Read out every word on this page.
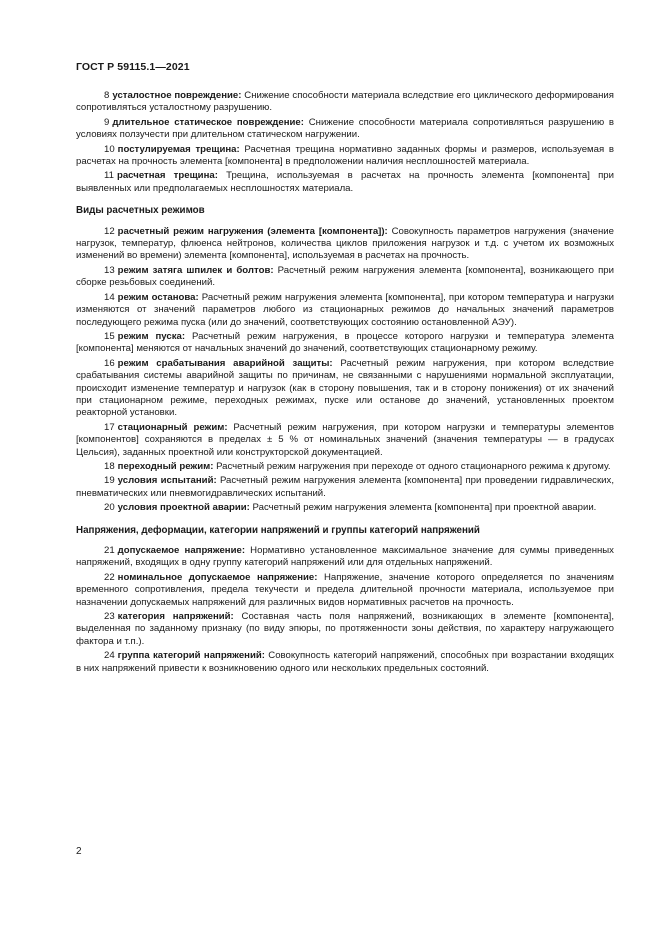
ГОСТ Р 59115.1—2021

8 усталостное повреждение: Снижение способности материала вследствие его циклического деформирования сопротивляться усталостному разрушению.

9 длительное статическое повреждение: Снижение способности материала сопротивляться разрушению в условиях ползучести при длительном статическом нагружении.

10 постулируемая трещина: Расчетная трещина нормативно заданных формы и размеров, используемая в расчетах на прочность элемента [компонента] в предположении наличия несплошностей материала.

11 расчетная трещина: Трещина, используемая в расчетах на прочность элемента [компонента] при выявленных или предполагаемых несплошностях материала.

Виды расчетных режимов

12 расчетный режим нагружения (элемента [компонента]): Совокупность параметров нагружения (значение нагрузок, температур, флюенса нейтронов, количества циклов приложения нагрузок и т.д. с учетом их возможных изменений во времени) элемента [компонента], используемая в расчетах на прочность.

13 режим затяга шпилек и болтов: Расчетный режим нагружения элемента [компонента], возникающего при сборке резьбовых соединений.

14 режим останова: Расчетный режим нагружения элемента [компонента], при котором температура и нагрузки изменяются от значений параметров любого из стационарных режимов до начальных значений параметров последующего режима пуска (или до значений, соответствующих состоянию остановленной АЭУ).

15 режим пуска: Расчетный режим нагружения, в процессе которого нагрузки и температура элемента [компонента] меняются от начальных значений до значений, соответствующих стационарному режиму.

16 режим срабатывания аварийной защиты: Расчетный режим нагружения, при котором вследствие срабатывания системы аварийной защиты по причинам, не связанными с нарушениями нормальной эксплуатации, происходит изменение температур и нагрузок (как в сторону повышения, так и в сторону понижения) от их значений при стационарном режиме, переходных режимах, пуске или останове до значений, установленных проектом реакторной установки.

17 стационарный режим: Расчетный режим нагружения, при котором нагрузки и температуры элементов [компонентов] сохраняются в пределах ± 5 % от номинальных значений (значения температуры — в градусах Цельсия), заданных проектной или конструкторской документацией.

18 переходный режим: Расчетный режим нагружения при переходе от одного стационарного режима к другому.

19 условия испытаний: Расчетный режим нагружения элемента [компонента] при проведении гидравлических, пневматических или пневмогидравлических испытаний.

20 условия проектной аварии: Расчетный режим нагружения элемента [компонента] при проектной аварии.

Напряжения, деформации, категории напряжений и группы категорий напряжений

21 допускаемое напряжение: Нормативно установленное максимальное значение для суммы приведенных напряжений, входящих в одну группу категорий напряжений или для отдельных напряжений.

22 номинальное допускаемое напряжение: Напряжение, значение которого определяется по значениям временного сопротивления, предела текучести и предела длительной прочности материала, используемое при назначении допускаемых напряжений для различных видов нормативных расчетов на прочность.

23 категория напряжений: Составная часть поля напряжений, возникающих в элементе [компонента], выделенная по заданному признаку (по виду эпюры, по протяженности зоны действия, по характеру нагружающего фактора и т.п.).

24 группа категорий напряжений: Совокупность категорий напряжений, способных при возрастании входящих в них напряжений привести к возникновению одного или нескольких предельных состояний.

2
